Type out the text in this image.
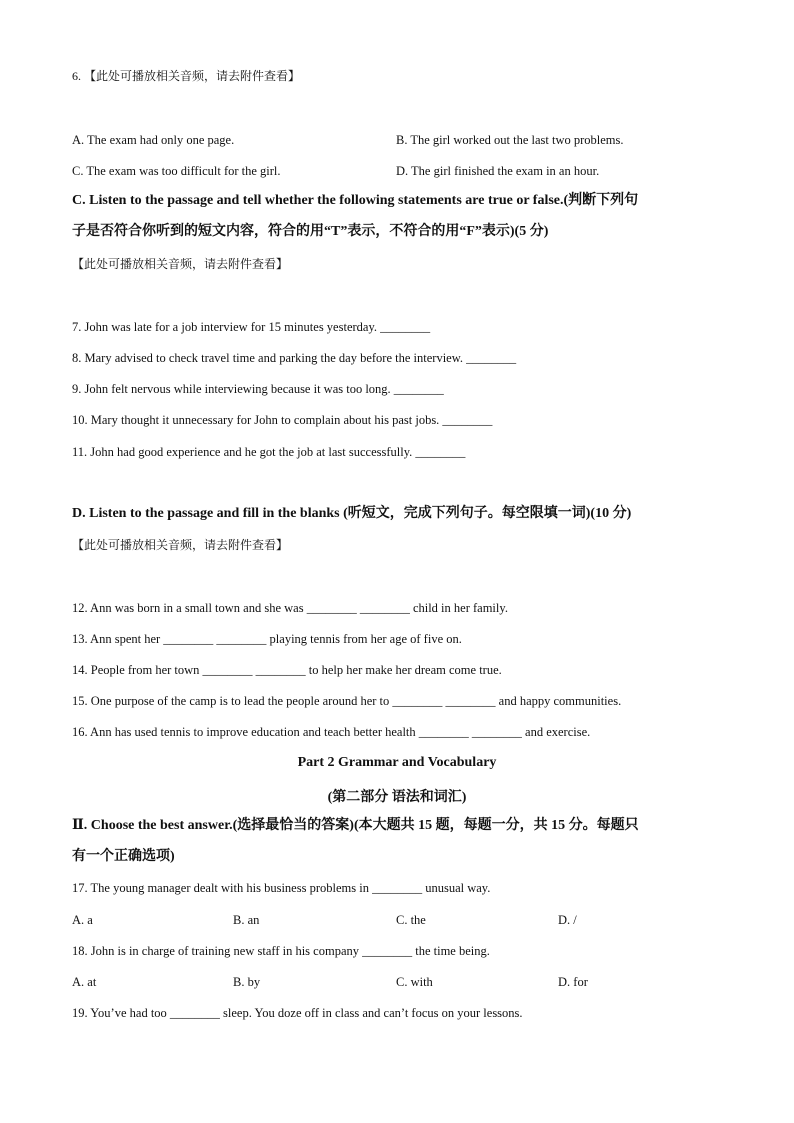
6. 【此处可播放相关音频，请去附件查看】
A. The exam had only one page.	B. The girl worked out the last two problems.
C. The exam was too difficult for the girl.	D. The girl finished the exam in an hour.
C. Listen to the passage and tell whether the following statements are true or false.(判断下列句
子是否符合你听到的短文内容，符合的用“T”表示，不符合的用“F”表示)(5 分)
【此处可播放相关音频，请去附件查看】
7. John was late for a job interview for 15 minutes yesterday. ________
8. Mary advised to check travel time and parking the day before the interview. ________
9. John felt nervous while interviewing because it was too long. ________
10. Mary thought it unnecessary for John to complain about his past jobs. ________
11. John had good experience and he got the job at last successfully. ________
D. Listen to the passage and fill in the blanks (听短文，完成下列句子。每空限填一词)(10 分)
【此处可播放相关音频，请去附件查看】
12. Ann was born in a small town and she was ________ ________ child in her family.
13. Ann spent her ________ ________ playing tennis from her age of five on.
14. People from her town ________ ________ to help her make her dream come true.
15. One purpose of the camp is to lead the people around her to ________ ________ and happy communities.
16. Ann has used tennis to improve education and teach better health ________ ________ and exercise.
Part 2 Grammar and Vocabulary
(第二部分 语法和词汇)
Ⅱ. Choose the best answer.(选择最恰当的答案)(本大题共 15 题，每题一分，共 15 分。每题只
有一个正确选项)
17. The young manager dealt with his business problems in ________ unusual way.
A. a	B. an	C. the	D. /
18. John is in charge of training new staff in his company ________ the time being.
A. at	B. by	C. with	D. for
19. You’ve had too ________ sleep. You doze off in class and can’t focus on your lessons.
